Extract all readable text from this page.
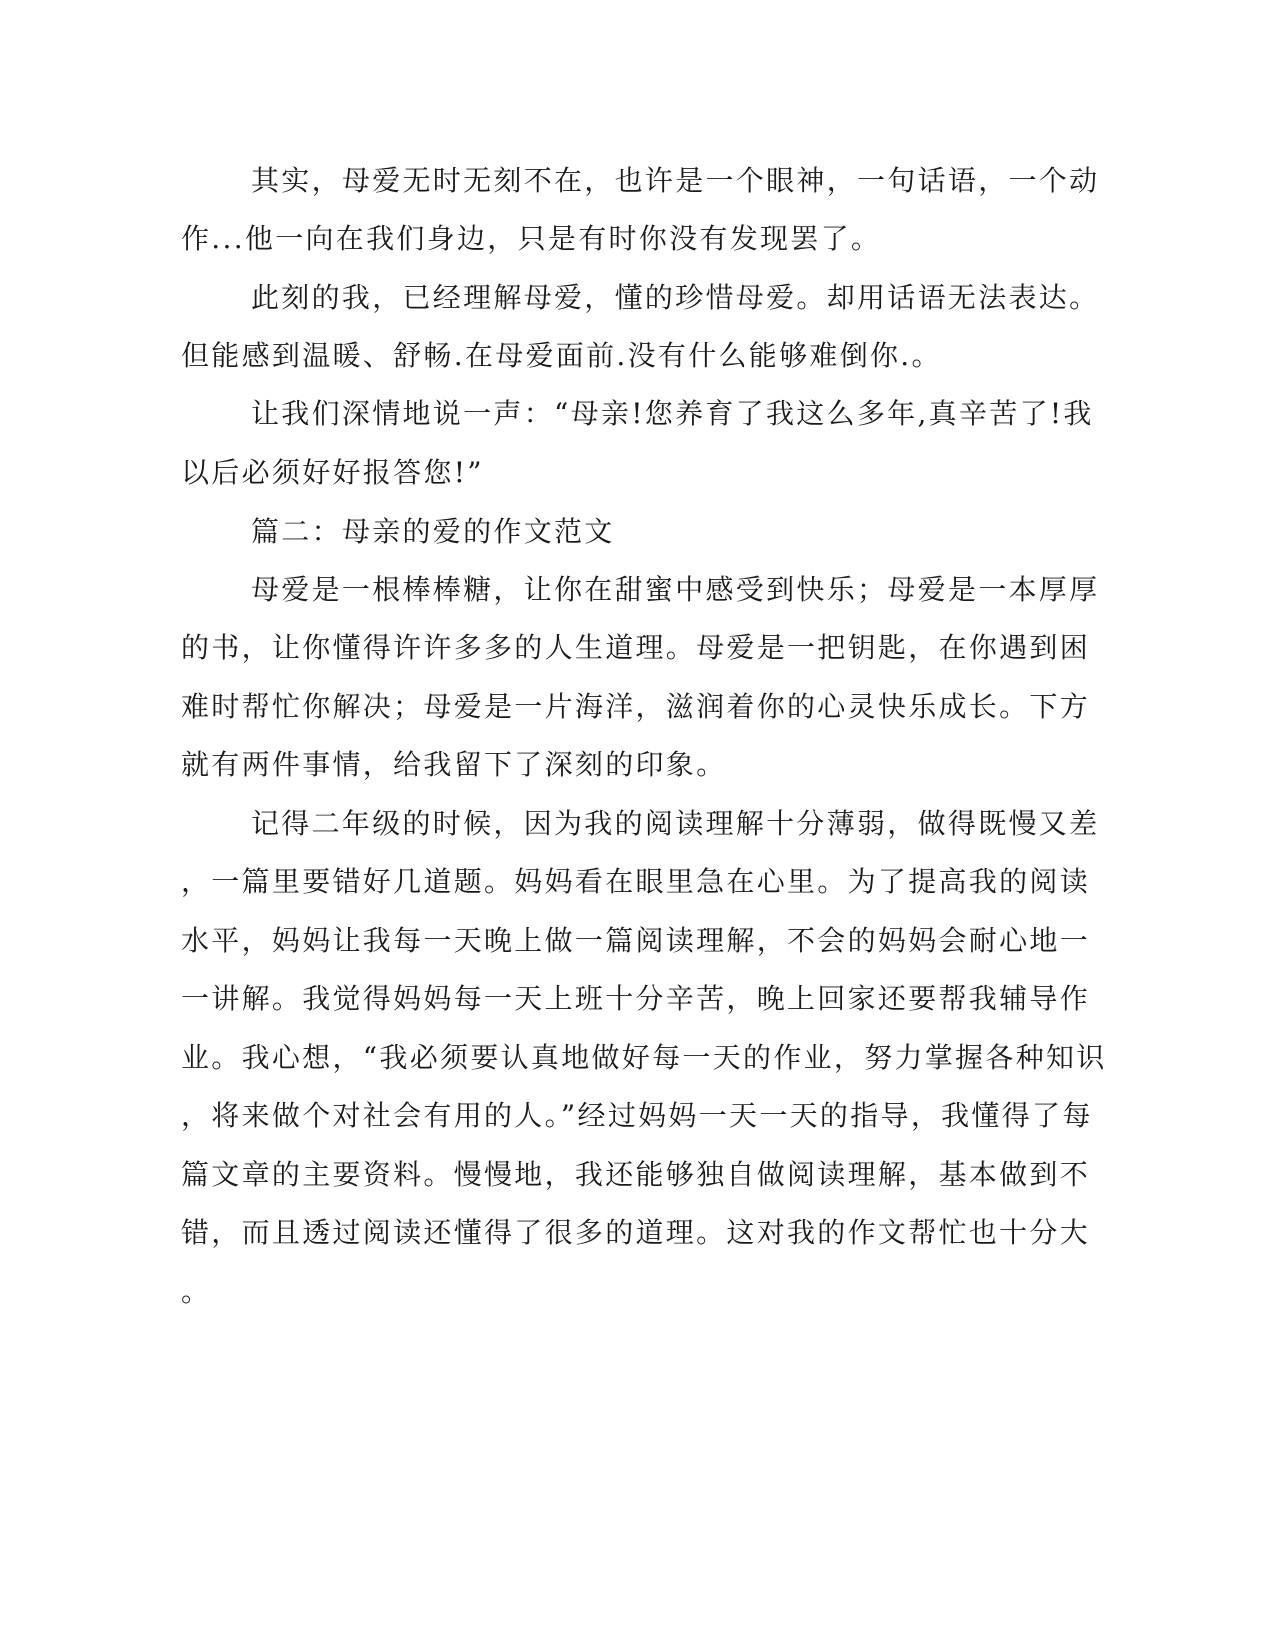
其实，母爱无时无刻不在，也许是一个眼神，一句话语，一个动
作...他一向在我们身边，只是有时你没有发现罢了。
此刻的我，已经理解母爱，懂的珍惜母爱。却用话语无法表达。
但能感到温暖、舒畅.在母爱面前.没有什么能够难倒你.。
让我们深情地说一声：“母亲!您养育了我这么多年,真辛苦了!我
以后必须好好报答您!”
篇二：母亲的爱的作文范文
母爱是一根棒棒糖，让你在甜蜜中感受到快乐；母爱是一本厚厚
的书，让你懂得许许多多的人生道理。母爱是一把钥匙，在你遇到困
难时帮忙你解决；母爱是一片海洋，滋润着你的心灵快乐成长。下方
就有两件事情，给我留下了深刻的印象。
记得二年级的时候，因为我的阅读理解十分薄弱，做得既慢又差
，一篇里要错好几道题。妈妈看在眼里急在心里。为了提高我的阅读
水平，妈妈让我每一天晚上做一篇阅读理解，不会的妈妈会耐心地一
一讲解。我觉得妈妈每一天上班十分辛苦，晚上回家还要帮我辅导作
业。我心想，“我必须要认真地做好每一天的作业，努力掌握各种知识
，将来做个对社会有用的人。”经过妈妈一天一天的指导，我懂得了每
篇文章的主要资料。慢慢地，我还能够独自做阅读理解，基本做到不
错，而且透过阅读还懂得了很多的道理。这对我的作文帮忙也十分大
。
